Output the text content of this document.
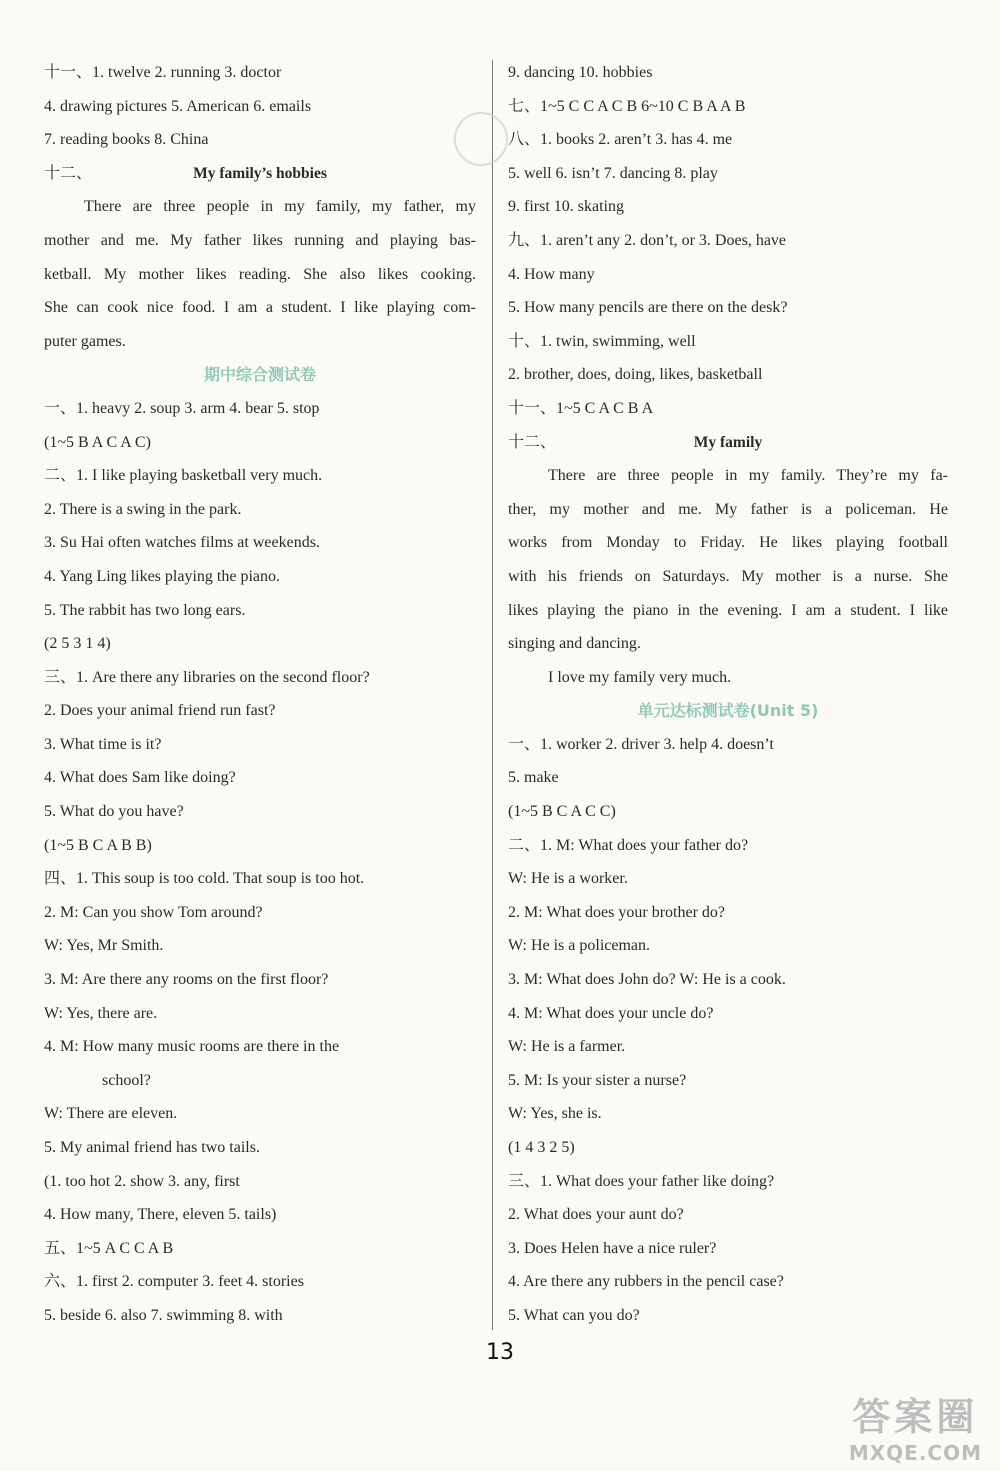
十一、1. twelve 2. running 3. doctor
4. drawing pictures 5. American 6. emails
7. reading books 8. China
十二、	My family’s hobbies
There are three people in my family, my father, my
mother and me. My father likes running and playing bas-
ketball. My mother likes reading. She also likes cooking.
She can cook nice food. I am a student. I like playing com-
puter games.
期中综合测试卷
一、1. heavy 2. soup 3. arm 4. bear 5. stop
(1~5 B A C A C)
二、1. I like playing basketball very much.
2. There is a swing in the park.
3. Su Hai often watches films at weekends.
4. Yang Ling likes playing the piano.
5. The rabbit has two long ears.
(2 5 3 1 4)
三、1. Are there any libraries on the second floor?
2. Does your animal friend run fast?
3. What time is it?
4. What does Sam like doing?
5. What do you have?
(1~5 B C A B B)
四、1. This soup is too cold. That soup is too hot.
2. M: Can you show Tom around?
W: Yes, Mr Smith.
3. M: Are there any rooms on the first floor?
W: Yes, there are.
4. M: How many music rooms are there in the
school?
W: There are eleven.
5. My animal friend has two tails.
(1. too hot 2. show 3. any, first
4. How many, There, eleven 5. tails)
五、1~5 A C C A B
六、1. first 2. computer 3. feet 4. stories
5. beside 6. also 7. swimming 8. with
9. dancing 10. hobbies
七、1~5 C C A C B 6~10 C B A A B
八、1. books 2. aren’t 3. has 4. me
5. well 6. isn’t 7. dancing 8. play
9. first 10. skating
九、1. aren’t any 2. don’t, or 3. Does, have
4. How many
5. How many pencils are there on the desk?
十、1. twin, swimming, well
2. brother, does, doing, likes, basketball
十一、1~5 C A C B A
十二、	My family
There are three people in my family. They’re my fa-
ther, my mother and me. My father is a policeman. He
works from Monday to Friday. He likes playing football
with his friends on Saturdays. My mother is a nurse. She
likes playing the piano in the evening. I am a student. I like
singing and dancing.
I love my family very much.
单元达标测试卷(Unit 5)
一、1. worker 2. driver 3. help 4. doesn’t
5. make
(1~5 B C A C C)
二、1. M: What does your father do?
W: He is a worker.
2. M: What does your brother do?
W: He is a policeman.
3. M: What does John do? W: He is a cook.
4. M: What does your uncle do?
W: He is a farmer.
5. M: Is your sister a nurse?
W: Yes, she is.
(1 4 3 2 5)
三、1. What does your father like doing?
2. What does your aunt do?
3. Does Helen have a nice ruler?
4. Are there any rubbers in the pencil case?
5. What can you do?
13
答案圈
MXQE.COM
